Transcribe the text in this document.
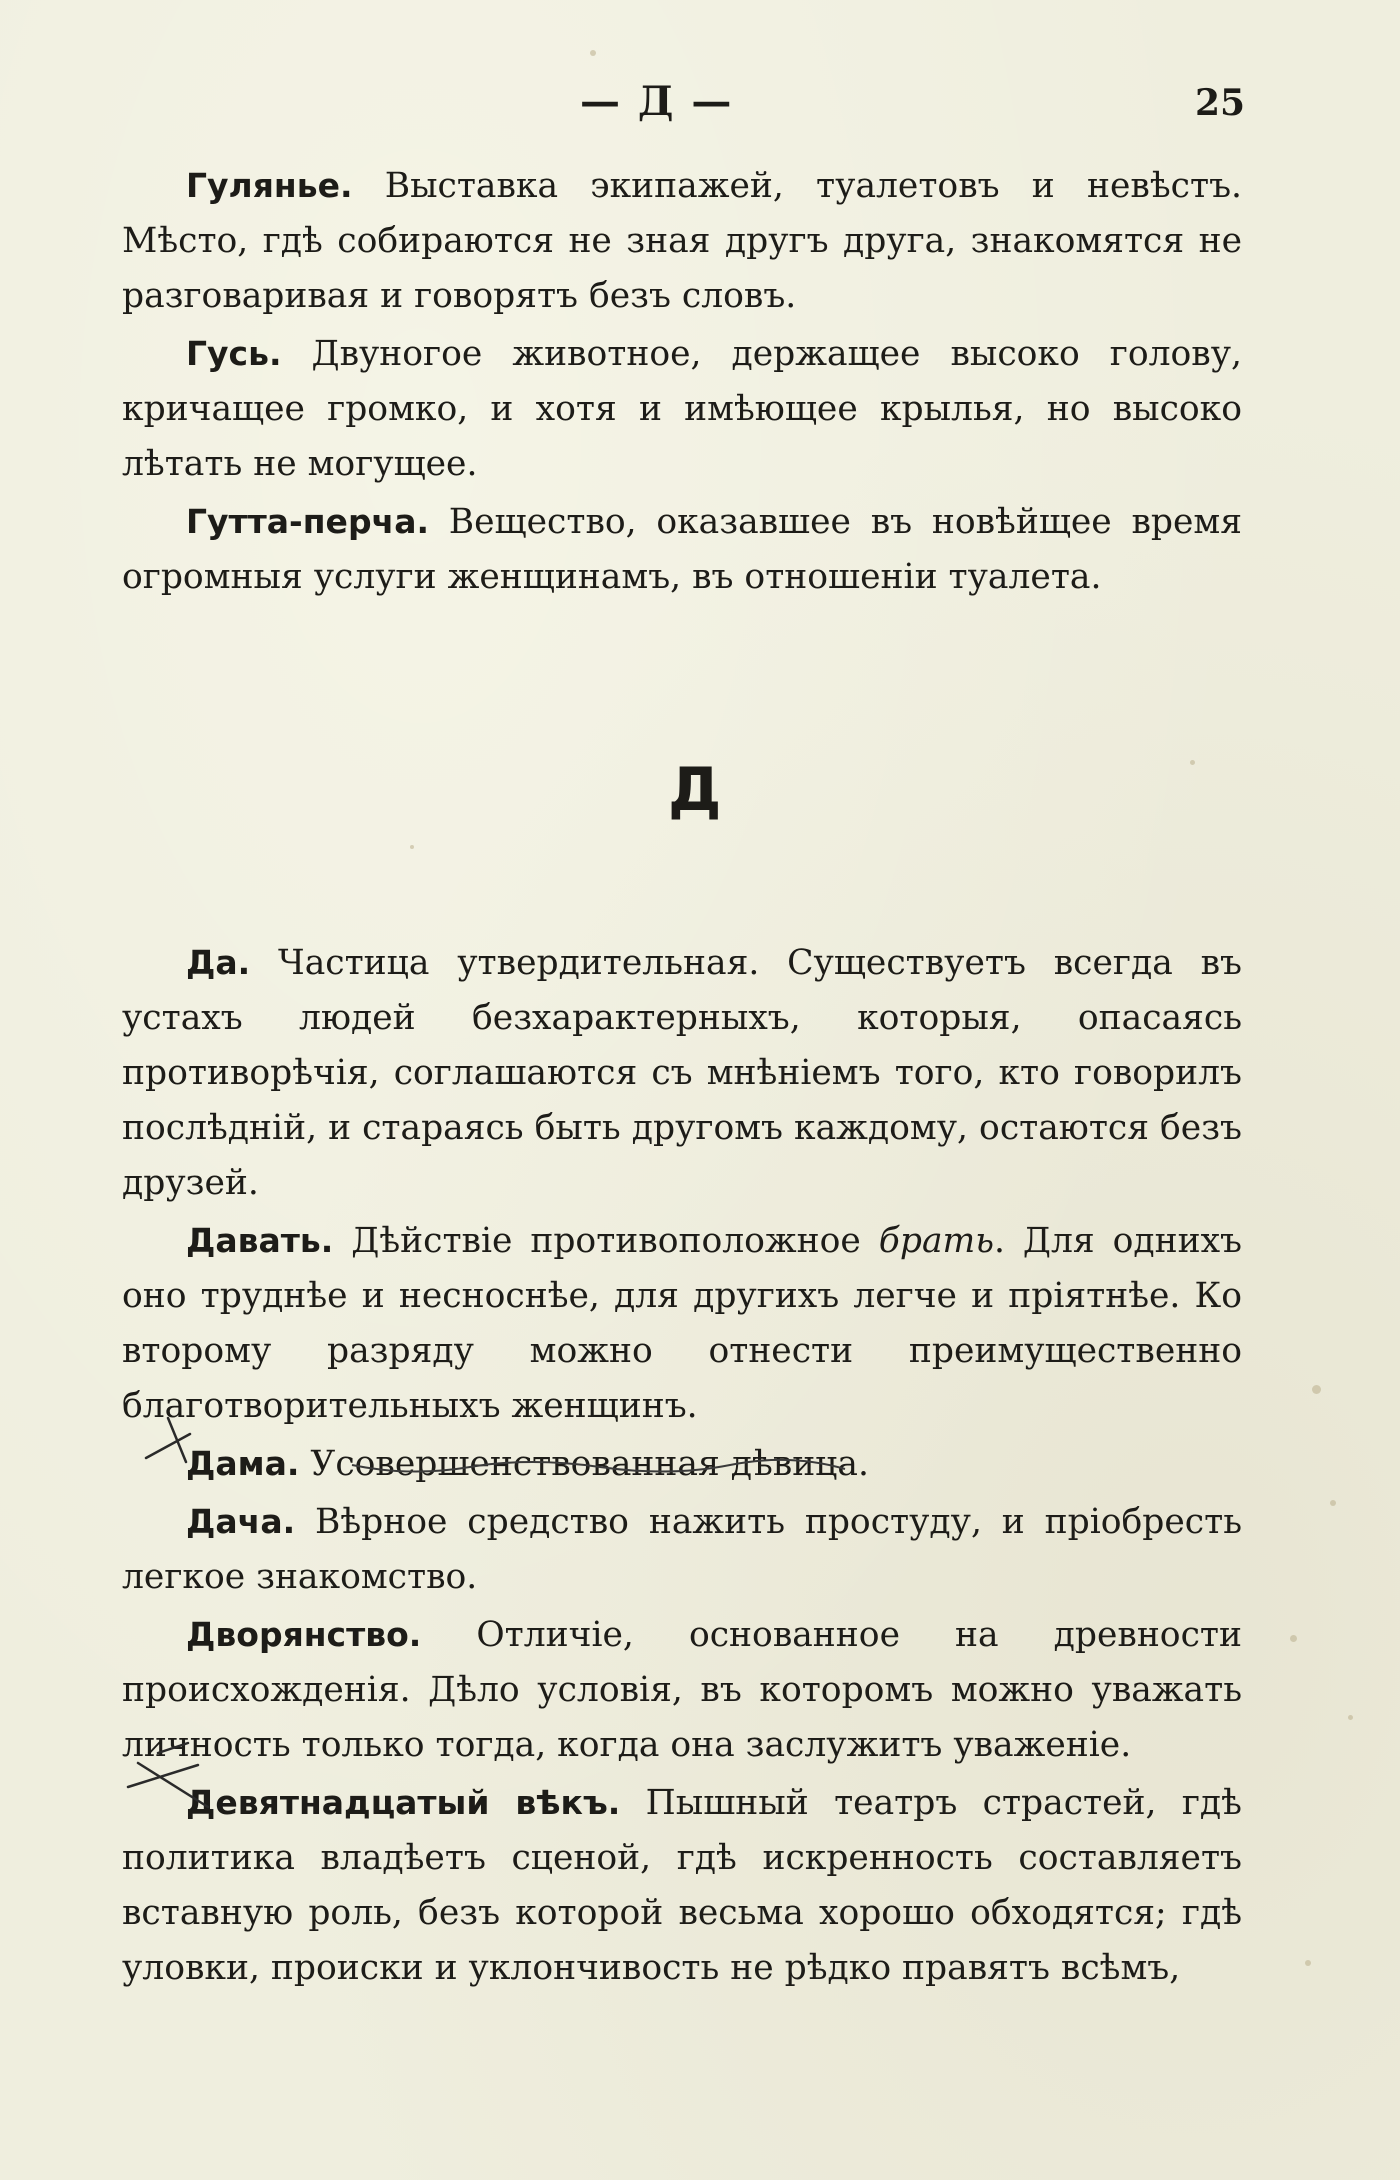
— Д —	25

Гулянье. Выставка экипажей, туалетовъ и невѣстъ. Мѣсто, гдѣ собираются не зная другъ друга, знакомятся не разговаривая и говорятъ безъ словъ.

Гусь. Двуногое животное, держащее высоко голову, кричащее громко, и хотя и имѣющее крылья, но высоко лѣтать не могущее.

Гутта-перча. Вещество, оказавшее въ новѣйщее время огромныя услуги женщинамъ, въ отношеніи туалета.

Д

Да. Частица утвердительная. Существуетъ всегда въ устахъ людей безхарактерныхъ, которыя, опасаясь противорѣчія, соглашаются съ мнѣніемъ того, кто говорилъ послѣдній, и стараясь быть другомъ каждому, остаются безъ друзей.

Давать. Дѣйствіе противоположное брать. Для однихъ оно труднѣе и несноснѣе, для другихъ легче и пріятнѣе. Ко второму разряду можно отнести преимущественно благотворительныхъ женщинъ.

Дама. Усовершенствованная дѣвица.

Дача. Вѣрное средство нажить простуду, и пріобресть легкое знакомство.

Дворянство. Отличіе, основанное на древности происхожденія. Дѣло условія, въ которомъ можно уважать личность только тогда, когда она заслужитъ уваженіе.

Девятнадцатый вѣкъ. Пышный театръ страстей, гдѣ политика владѣетъ сценой, гдѣ искренность составляетъ вставную роль, безъ которой весьма хорошо обходятся; гдѣ уловки, происки и уклончивость не рѣдко правятъ всѣмъ,
